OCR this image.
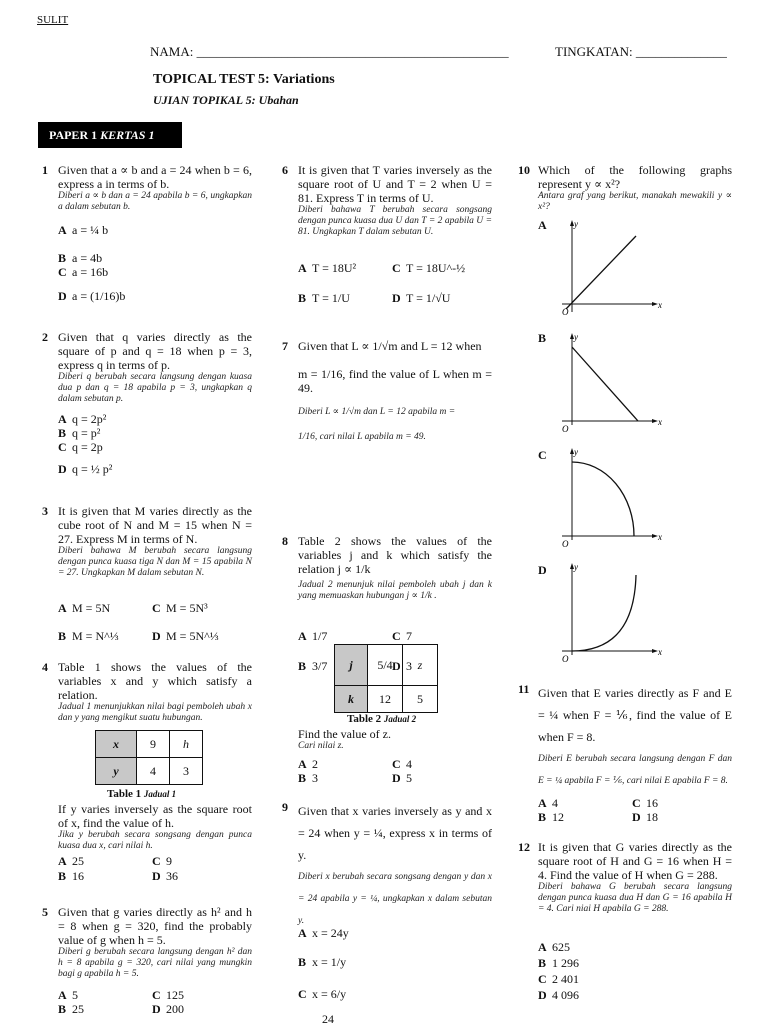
SULIT
NAMA: ________________________________________________	TINGKATAN: ______________
TOPICAL TEST 5: Variations
UJIAN TOPIKAL 5: Ubahan
PAPER 1 KERTAS 1
1 Given that a ∝ b and a = 24 when b = 6, express a in terms of b.
Diberi a ∝ b dan a = 24 apabila b = 6, ungkapkan a dalam sebutan b.
A a = ¼ b
B a = 4b
C a = 16b
D a = (1/16)b
2 Given that q varies directly as the square of p and q = 18 when p = 3, express q in terms of p.
Diberi q berubah secara langsung dengan kuasa dua p dan q = 18 apabila p = 3, ungkapkan q dalam sebutan p.
A q = 2p²
B q = p²
C q = 2p
D q = ½ p²
3 It is given that M varies directly as the cube root of N and M = 15 when N = 27. Express M in terms of N.
Diberi bahawa M berubah secara langsung dengan punca kuasa tiga N dan M = 15 apabila N = 27. Ungkapkan M dalam sebutan N.
A M = 5N	C M = 5N³
B M = N^⅓	D M = 5N^⅓
4 Table 1 shows the values of the variables x and y which satisfy a relation.
Jadual 1 menunjukkan nilai bagi pemboleh ubah x dan y yang mengikut suatu hubungan.
x	9	h
y	4	3
Table 1 Jadual 1
If y varies inversely as the square root of x, find the value of h.
Jika y berubah secara songsang dengan punca kuasa dua x, cari nilai h.
A 25	C 9
B 16	D 36
5 Given that g varies directly as h² and h = 8 when g = 320, find the probably value of g when h = 5.
Diberi g berubah secara langsung dengan h² dan h = 8 apabila g = 320, cari nilai yang mungkin bagi g apabila h = 5.
A 5	C 125
B 25	D 200
6 It is given that T varies inversely as the square root of U and T = 2 when U = 81. Express T in terms of U.
Diberi bahawa T berubah secara songsang dengan punca kuasa dua U dan T = 2 apabila U = 81. Ungkapkan T dalam sebutan U.
A T = 18U²	C T = 18U^-½
B T = 1/U	D T = 1/√U
7 Given that L ∝ 1/√m and L = 12 when
m = 1/16, find the value of L when m = 49.
Diberi L ∝ 1/√m dan L = 12 apabila m =
1/16, cari nilai L apabila m = 49.
A 1/7	C 7
B 3/7	D 3
8 Table 2 shows the values of the variables j and k which satisfy the relation j ∝ 1/k
Jadual 2 menunjuk nilai pemboleh ubah j dan k yang memuaskan hubungan j ∝ 1/k .
j	5/4	z
k	12	5
Table 2 Jadual 2
Find the value of z.
Cari nilai z.
A 2	C 4
B 3	D 5
9 Given that x varies inversely as y and x = 24 when y = ¼, express x in terms of y.
Diberi x berubah secara songsang dengan y dan x = 24 apabila y = ¼, ungkapkan x dalam sebutan y.
A x = 24y
B x = 1/y
C x = 6/y
24
10 Which of the following graphs represent y ∝ x²?
Antara graf yang berikut, manakah mewakili y ∝ x²?
A
O
y
x
B
O
y
x
C
O
y
x
D
O
y
x
11 Given that E varies directly as F and E = ¼ when F = ⅙, find the value of E when F = 8.
Diberi E berubah secara langsung dengan F dan E = ¼ apabila F = ⅙, cari nilai E apabila F = 8.
A 4	C 16
B 12	D 18
12 It is given that G varies directly as the square root of H and G = 16 when H = 4. Find the value of H when G = 288.
Diberi bahawa G berubah secara langsung dengan punca kuasa dua H dan G = 16 apabila H = 4. Cari niai H apabila G = 288.
A 625
B 1 296
C 2 401
D 4 096
